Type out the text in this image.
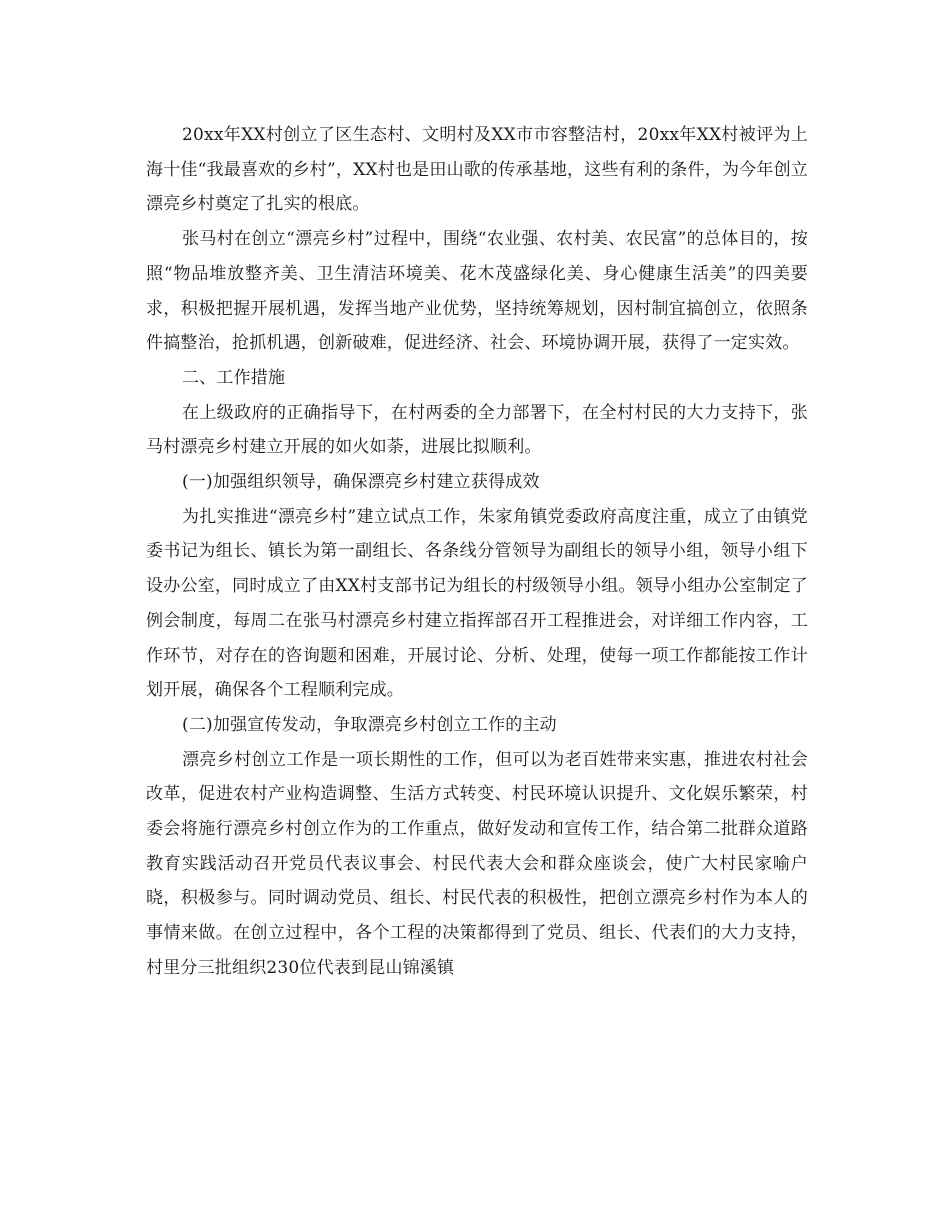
20xx年XX村创立了区生态村、文明村及XX市市容整洁村，20xx年XX村被评为上海十佳“我最喜欢的乡村”，XX村也是田山歌的传承基地，这些有利的条件，为今年创立漂亮乡村奠定了扎实的根底。

张马村在创立“漂亮乡村”过程中，围绕“农业强、农村美、农民富”的总体目的，按照“物品堆放整齐美、卫生清洁环境美、花木茂盛绿化美、身心健康生活美”的四美要求，积极把握开展机遇，发挥当地产业优势，坚持统筹规划，因村制宜搞创立，依照条件搞整治，抢抓机遇，创新破难，促进经济、社会、环境协调开展，获得了一定实效。

二、工作措施

在上级政府的正确指导下，在村两委的全力部署下，在全村村民的大力支持下，张马村漂亮乡村建立开展的如火如荼，进展比拟顺利。

(一)加强组织领导，确保漂亮乡村建立获得成效

为扎实推进“漂亮乡村”建立试点工作，朱家角镇党委政府高度注重，成立了由镇党委书记为组长、镇长为第一副组长、各条线分管领导为副组长的领导小组，领导小组下设办公室，同时成立了由XX村支部书记为组长的村级领导小组。领导小组办公室制定了例会制度，每周二在张马村漂亮乡村建立指挥部召开工程推进会，对详细工作内容，工作环节，对存在的咨询题和困难，开展讨论、分析、处理，使每一项工作都能按工作计划开展，确保各个工程顺利完成。

(二)加强宣传发动，争取漂亮乡村创立工作的主动

漂亮乡村创立工作是一项长期性的工作，但可以为老百姓带来实惠，推进农村社会改革，促进农村产业构造调整、生活方式转变、村民环境认识提升、文化娱乐繁荣，村委会将施行漂亮乡村创立作为的工作重点，做好发动和宣传工作，结合第二批群众道路教育实践活动召开党员代表议事会、村民代表大会和群众座谈会，使广大村民家喻户晓，积极参与。同时调动党员、组长、村民代表的积极性，把创立漂亮乡村作为本人的事情来做。在创立过程中，各个工程的决策都得到了党员、组长、代表们的大力支持，村里分三批组织230位代表到昆山锦溪镇
